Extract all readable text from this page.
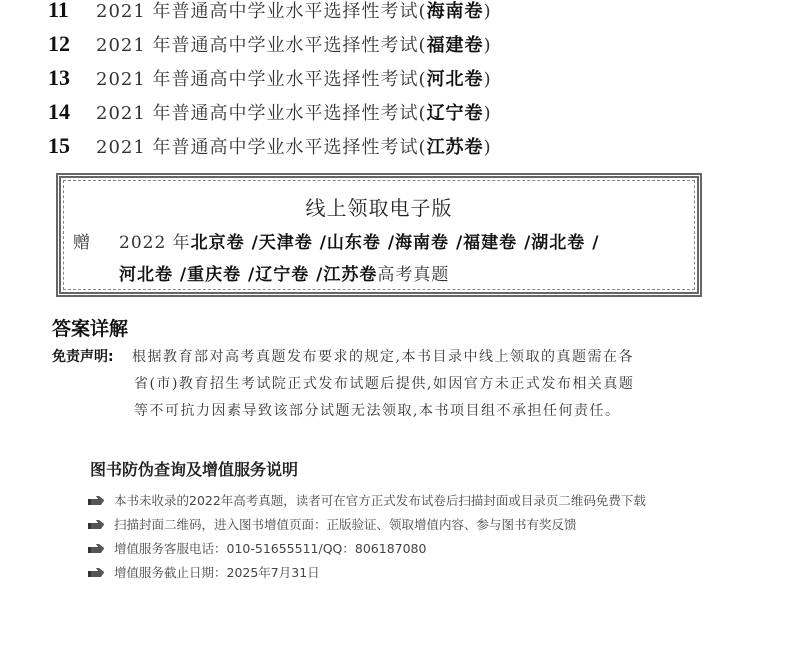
11	2021 年普通高中学业水平选择性考试(海南卷)
12	2021 年普通高中学业水平选择性考试(福建卷)
13	2021 年普通高中学业水平选择性考试(河北卷)
14	2021 年普通高中学业水平选择性考试(辽宁卷)
15	2021 年普通高中学业水平选择性考试(江苏卷)
线上领取电子版
赠 2022 年北京卷 /天津卷 /山东卷 /海南卷 /福建卷 /湖北卷 /
河北卷 /重庆卷 /辽宁卷 /江苏卷高考真题
答案详解
免责声明: 根据教育部对高考真题发布要求的规定,本书目录中线上领取的真题需在各
省(市)教育招生考试院正式发布试题后提供,如因官方未正式发布相关真题
等不可抗力因素导致该部分试题无法领取,本书项目组不承担任何责任。
图书防伪查询及增值服务说明
本书未收录的2022年高考真题，读者可在官方正式发布试卷后扫描封面或目录页二维码免费下载
扫描封面二维码，进入图书增值页面：正版验证、领取增值内容、参与图书有奖反馈
增值服务客服电话：010-51655511/QQ：806187080
增值服务截止日期：2025年7月31日
